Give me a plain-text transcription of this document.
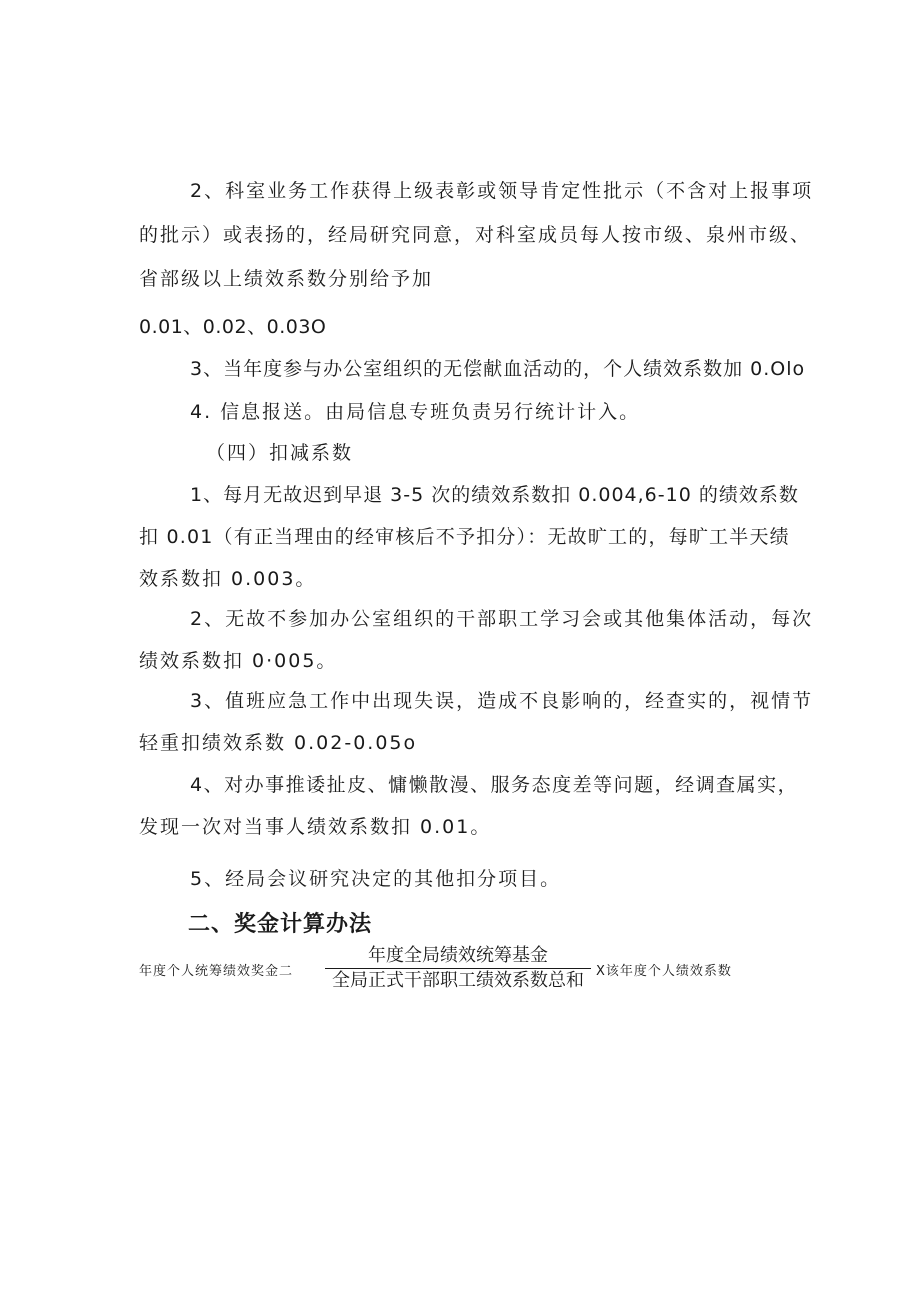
2、科室业务工作获得上级表彰或领导肯定性批示（不含对上报事项
的批示）或表扬的，经局研究同意，对科室成员每人按市级、泉州市级、
省部级以上绩效系数分别给予加
0.01、0.02、0.03O
3、当年度参与办公室组织的无偿献血活动的，个人绩效系数加 0.Olo
4. 信息报送。由局信息专班负责另行统计计入。
（四）扣减系数
1、每月无故迟到早退 3-5 次的绩效系数扣 0.004,6-10 的绩效系数
扣 0.01（有正当理由的经审核后不予扣分）：无故旷工的，每旷工半天绩
效系数扣 0.003。
2、无故不参加办公室组织的干部职工学习会或其他集体活动，每次
绩效系数扣 0·005。
3、值班应急工作中出现失误，造成不良影响的，经查实的，视情节
轻重扣绩效系数 0.02-0.05o
4、对办事推诿扯皮、慵懒散漫、服务态度差等问题，经调查属实，
发现一次对当事人绩效系数扣 0.01。
5、经局会议研究决定的其他扣分项目。
二、奖金计算办法
年度个人统筹绩效奖金二
年度全局绩效统筹基金
全局正式干部职工绩效系数总和 X该年度个人绩效系数
